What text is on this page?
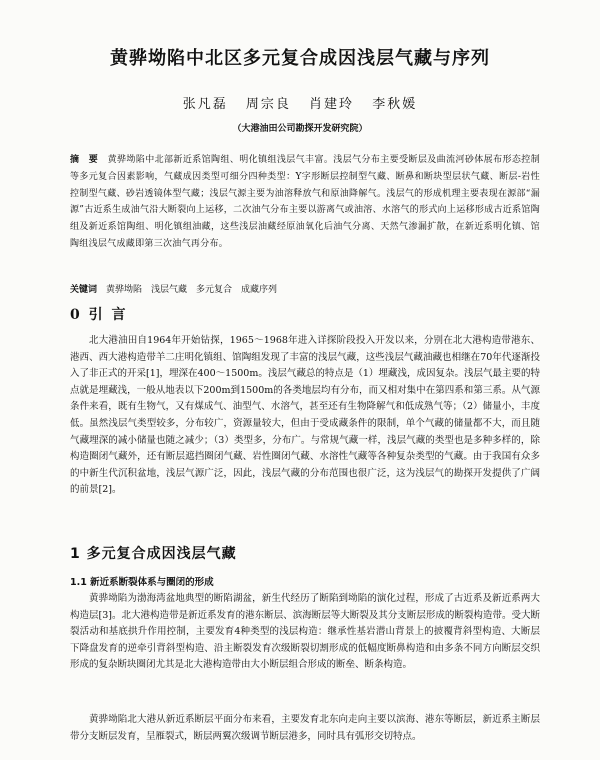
黄骅坳陷中北区多元复合成因浅层气藏与序列
张凡磊 周宗良 肖建玲 李秋媛
（大港油田公司勘探开发研究院）
摘　要　 黄骅坳陷中北部新近系馆陶组、明化镇组浅层气丰富。浅层气分布主要受断层及曲流河砂体展布形态控制等多元复合因素影响，气藏成因类型可细分四种类型：Y字形断层控制型气藏、断鼻和断块型层状气藏、断层-岩性控制型气藏、砂岩透镜体型气藏；浅层气源主要为油溶释放气和原油降解气。浅层气的形成机理主要表现在源部“漏源”古近系生成油气沿大断裂向上运移，二次油气分布主要以游离气或油溶、水溶气的形式向上运移形成古近系馆陶组及新近系馆陶组、明化镇组油藏，这些浅层油藏经原油氧化后油气分离、天然气渗漏扩散，在新近系明化镇、馆陶组浅层气成藏即第三次油气再分布。
关键词　 黄骅坳陷　浅层气藏　多元复合　成藏序列
0 引 言
北大港油田自1964年开始钻探，1965～1968年进入详探阶段投入开发以来，分别在北大港构造带港东、港西、西大港构造带羊二庄明化镇组、馆陶组发现了丰富的浅层气藏，这些浅层气藏油藏也相继在70年代逐渐投入了非正式的开采[1]，埋深在400～1500m。浅层气藏总的特点是（1）埋藏浅，成因复杂。浅层气最主要的特点就是埋藏浅，一般从地表以下200m到1500m的各类地层均有分布，而又相对集中在第四系和第三系。从气源条件来看，既有生物气，又有煤成气、油型气、水溶气，甚至还有生物降解气和低成熟气等；（2）储量小，丰度低。虽然浅层气类型较多，分布较广，资源量较大，但由于受成藏条件的限制，单个气藏的储量都不大，而且随气藏埋深的减小储量也随之减少；（3）类型多，分布广。与常规气藏一样，浅层气藏的类型也是多种多样的，除构造圈闭气藏外，还有断层遮挡圈闭气藏、岩性圈闭气藏、水溶性气藏等各种复杂类型的气藏。由于我国有众多的中新生代沉积盆地，浅层气源广泛，因此，浅层气藏的分布范围也很广泛，这为浅层气的勘探开发提供了广阔的前景[2]。
1 多元复合成因浅层气藏
1.1 新近系断裂体系与圈闭的形成
黄骅坳陷为渤海湾盆地典型的断陷湖盆，新生代经历了断陷到坳陷的演化过程，形成了古近系及新近系两大构造层[3]。北大港构造带是新近系发育的港东断层、滨海断层等大断裂及其分支断层形成的断裂构造带。受大断裂活动和基底拱升作用控制，主要发育4种类型的浅层构造：继承性基岩潜山背景上的披覆背斜型构造、大断层下降盘发育的逆牵引背斜型构造、沿主断裂发育次级断裂切割形成的低幅度断鼻构造和由多条不同方向断层交织形成的复杂断块圈闭尤其是北大港构造带由大小断层组合形成的断垒、断条构造。
黄骅坳陷北大港从新近系断层平面分布来看，主要发育北东向走向主要以滨海、港东等断层，新近系主断层带分支断层发育，呈雁裂式，断层两翼次级调节断层港多，同时具有弧形交切特点。
